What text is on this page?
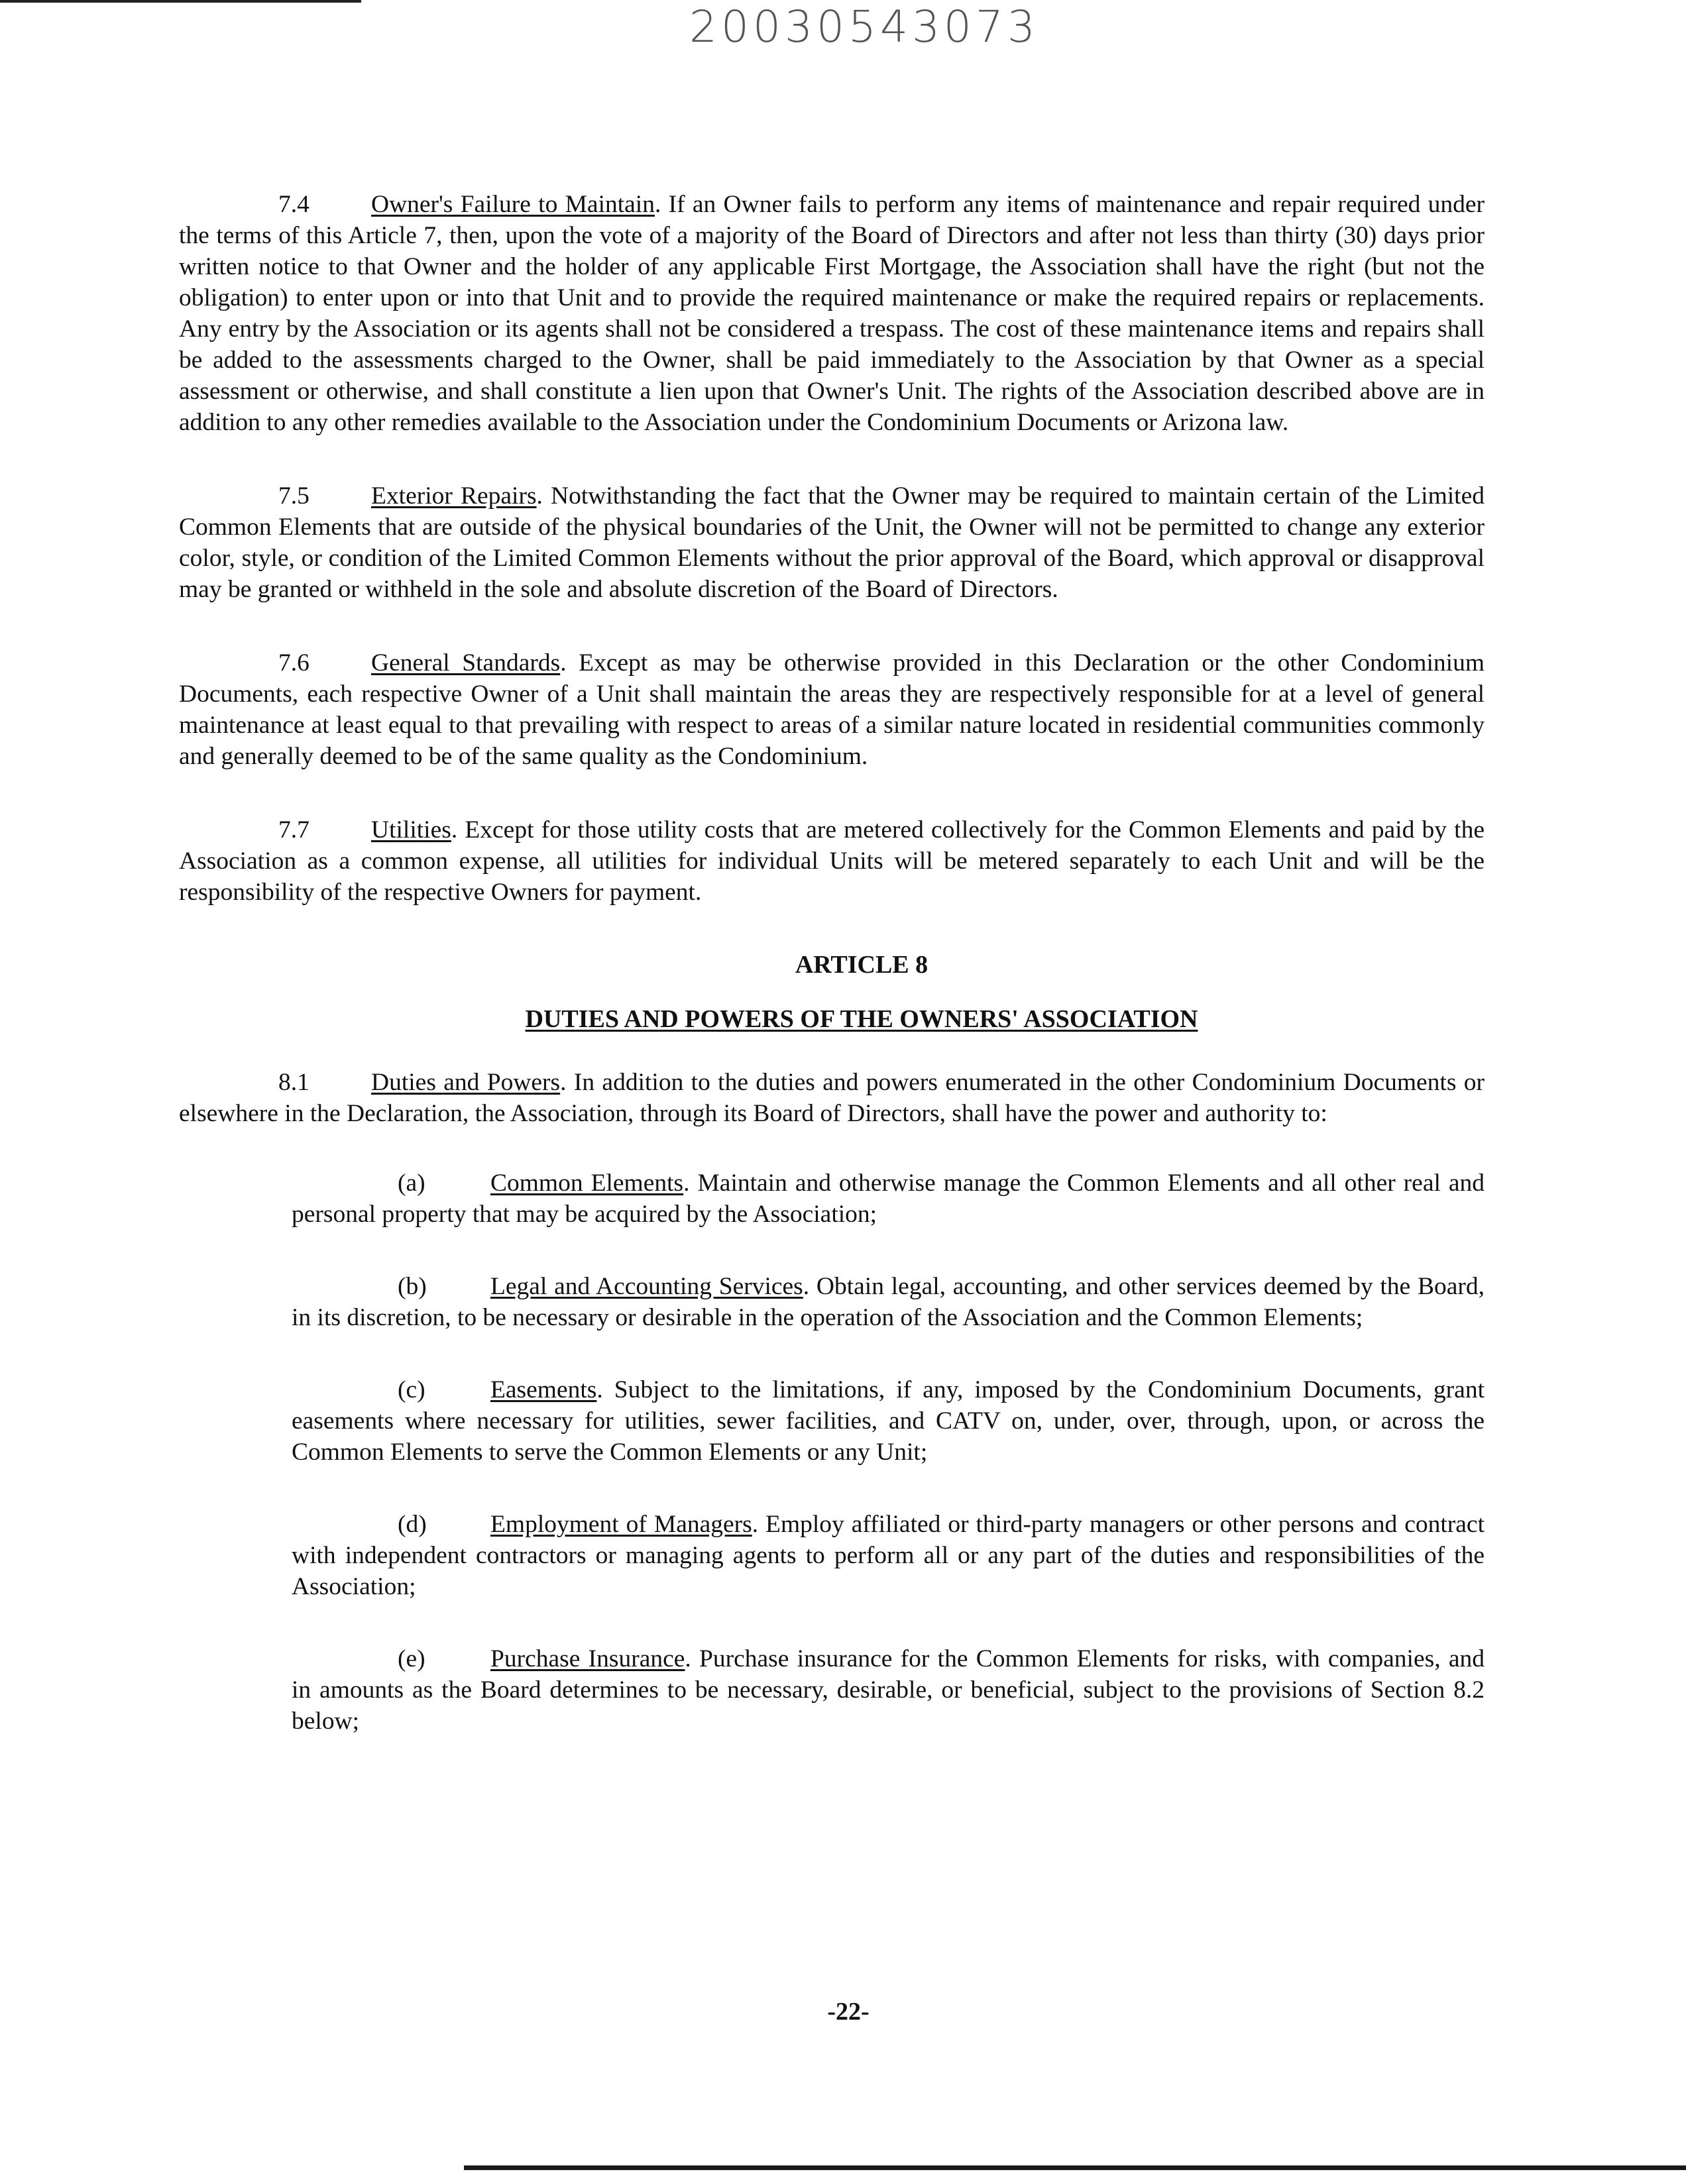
20030543073

7.4 Owner's Failure to Maintain. If an Owner fails to perform any items of maintenance and repair required under the terms of this Article 7, then, upon the vote of a majority of the Board of Directors and after not less than thirty (30) days prior written notice to that Owner and the holder of any applicable First Mortgage, the Association shall have the right (but not the obligation) to enter upon or into that Unit and to provide the required maintenance or make the required repairs or replacements. Any entry by the Association or its agents shall not be considered a trespass. The cost of these maintenance items and repairs shall be added to the assessments charged to the Owner, shall be paid immediately to the Association by that Owner as a special assessment or otherwise, and shall constitute a lien upon that Owner's Unit. The rights of the Association described above are in addition to any other remedies available to the Association under the Condominium Documents or Arizona law.

7.5 Exterior Repairs. Notwithstanding the fact that the Owner may be required to maintain certain of the Limited Common Elements that are outside of the physical boundaries of the Unit, the Owner will not be permitted to change any exterior color, style, or condition of the Limited Common Elements without the prior approval of the Board, which approval or disapproval may be granted or withheld in the sole and absolute discretion of the Board of Directors.

7.6 General Standards. Except as may be otherwise provided in this Declaration or the other Condominium Documents, each respective Owner of a Unit shall maintain the areas they are respectively responsible for at a level of general maintenance at least equal to that prevailing with respect to areas of a similar nature located in residential communities commonly and generally deemed to be of the same quality as the Condominium.

7.7 Utilities. Except for those utility costs that are metered collectively for the Common Elements and paid by the Association as a common expense, all utilities for individual Units will be metered separately to each Unit and will be the responsibility of the respective Owners for payment.

ARTICLE 8

DUTIES AND POWERS OF THE OWNERS' ASSOCIATION

8.1 Duties and Powers. In addition to the duties and powers enumerated in the other Condominium Documents or elsewhere in the Declaration, the Association, through its Board of Directors, shall have the power and authority to:

(a)	Common Elements. Maintain and otherwise manage the Common Elements and all other real and personal property that may be acquired by the Association;

(b)	Legal and Accounting Services. Obtain legal, accounting, and other services deemed by the Board, in its discretion, to be necessary or desirable in the operation of the Association and the Common Elements;

(c)	Easements. Subject to the limitations, if any, imposed by the Condominium Documents, grant easements where necessary for utilities, sewer facilities, and CATV on, under, over, through, upon, or across the Common Elements to serve the Common Elements or any Unit;

(d)	Employment of Managers. Employ affiliated or third-party managers or other persons and contract with independent contractors or managing agents to perform all or any part of the duties and responsibilities of the Association;

(e)	Purchase Insurance. Purchase insurance for the Common Elements for risks, with companies, and in amounts as the Board determines to be necessary, desirable, or beneficial, subject to the provisions of Section 8.2 below;

-22-
